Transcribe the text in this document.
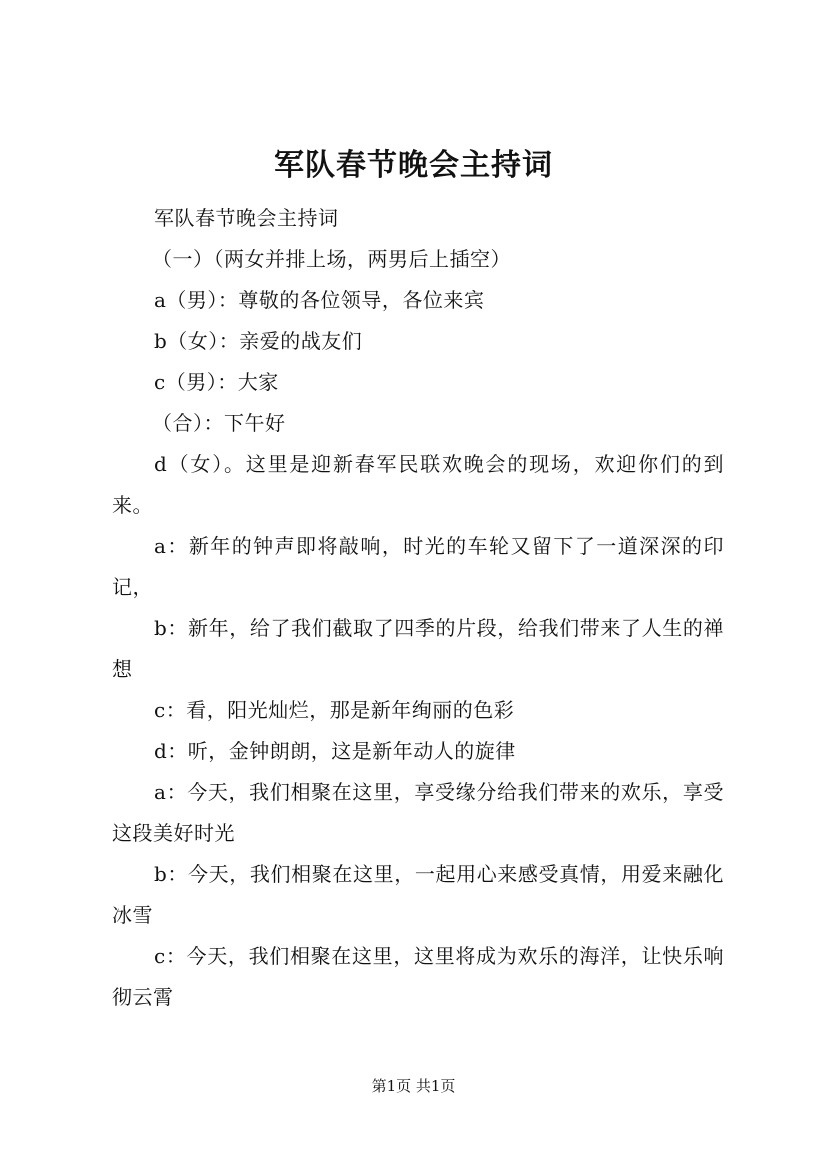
军队春节晚会主持词

军队春节晚会主持词

（一）（两女并排上场，两男后上插空）

a（男）：尊敬的各位领导，各位来宾

b（女）：亲爱的战友们

c（男）：大家

（合）：下午好

d（女）。这里是迎新春军民联欢晚会的现场，欢迎你们的到来。

a：新年的钟声即将敲响，时光的车轮又留下了一道深深的印记，

b：新年，给了我们截取了四季的片段，给我们带来了人生的禅想

c：看，阳光灿烂，那是新年绚丽的色彩

d：听，金钟朗朗，这是新年动人的旋律

a：今天，我们相聚在这里，享受缘分给我们带来的欢乐，享受这段美好时光

b：今天，我们相聚在这里，一起用心来感受真情，用爱来融化冰雪

c：今天，我们相聚在这里，这里将成为欢乐的海洋，让快乐响彻云霄

第1页 共1页
